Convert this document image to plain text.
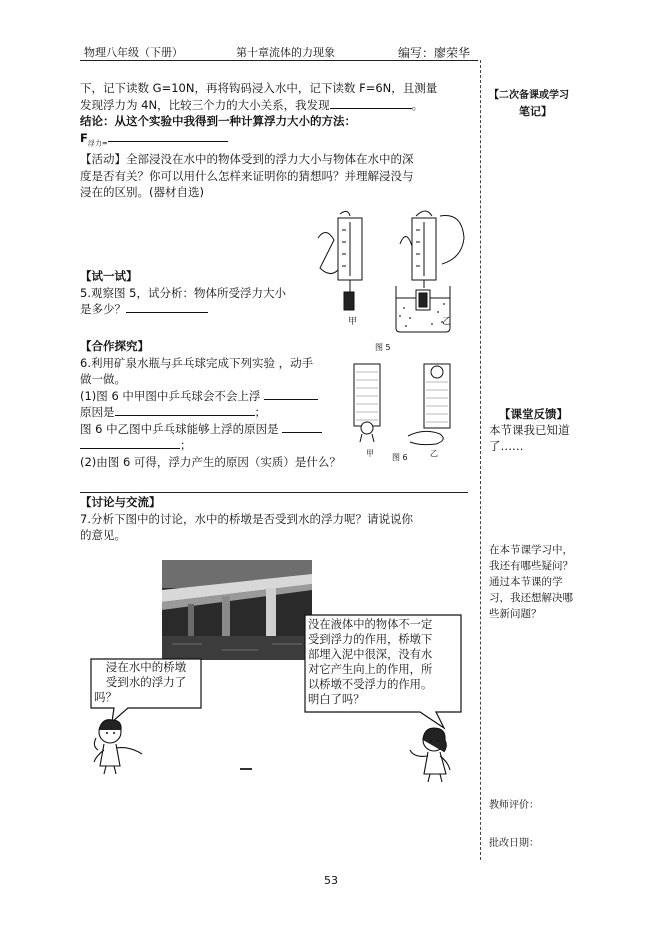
物理八年级（下册）	第十章流体的力现象	编写：廖荣华

下，记下读数 G=10N，再将钩码浸入水中，记下读数 F=6N，且测量

发现浮力为 4N，比较三个力的大小关系，我发现	。

结论：从这个实验中我得到一种计算浮力大小的方法：

$F_{浮力=}$

【活动】全部浸没在水中的物体受到的浮力大小与物体在水中的深

度是否有关？你可以用什么怎样来证明你的猜想吗？并理解浸没与

浸在的区别。(器材自选)

【试一试】

5.观察图 5，试分析：物体所受浮力大小

是多少？

甲	乙
图 5

【合作探究】

6.利用矿泉水瓶与乒乓球完成下列实验 ，动手

做一做。

(1)图 6 中甲图中乒乓球会不会上浮

原因是	；

图 6 中乙图中乒乓球能够上浮的原因是

；

(2)由图 6 可得，浮力产生的原因（实质）是什么？

甲 图 6	乙

【讨论与交流】

7.分析下图中的讨论，水中的桥墩是否受到水的浮力呢？请说说你

的意见。

浸在水中的桥墩
受到水的浮力了
吗？
没在液体中的物体不一定
受到浮力的作用，桥墩下
部埋入泥中很深，没有水
对它产生向上的作用，所
以桥墩不受浮力的作用。
明白了吗？

【二次备课或学习

笔记】

【课堂反馈】

本节课我已知道

了……

在本节课学习中，

我还有哪些疑问？

通过本节课的学

习，我还想解决哪

些新问题？

教师评价：
批改日期：
53
